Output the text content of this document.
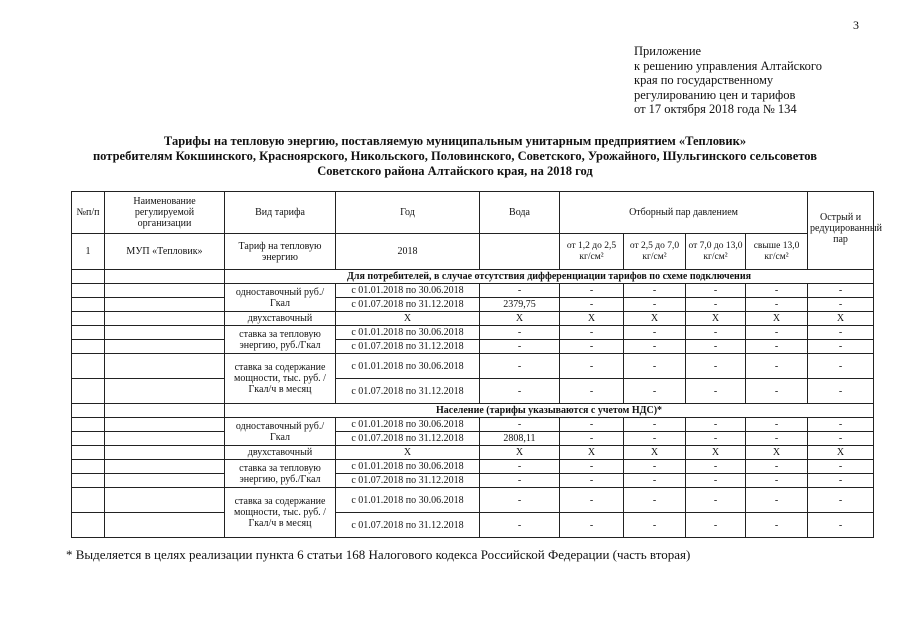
3
Приложение
к решению управления Алтайского
края по государственному
регулированию цен и тарифов
от 17 октября 2018 года № 134
Тарифы на тепловую энергию, поставляемую муниципальным унитарным предприятием «Тепловик»
потребителям Кокшинского, Красноярского, Никольского, Половинского, Советского, Урожайного, Шульгинского сельсоветов
Советского района Алтайского края, на 2018 год
№п/п	Наименование регулируемой организации	Вид тарифа	Год	Вода	Отборный пар давлением				Острый и редуцированный пар
1	МУП «Тепловик»	Тариф на тепловую энергию	2018		от 1,2 до 2,5 кг/см²	от 2,5 до 7,0 кг/см²	от 7,0 до 13,0 кг/см²	свыше 13,0 кг/см²	
		Для потребителей, в случае отсутствия дифференциации тарифов по схеме подключения							
		одноставочный руб./Гкал	с 01.01.2018 по 30.06.2018	-	-	-	-	-	-
			с 01.07.2018 по 31.12.2018	2379,75	-	-	-	-	-
		двухставочный	X	X	X	X	X	X	X
		ставка за тепловую энергию, руб./Гкал	с 01.01.2018 по 30.06.2018	-	-	-	-	-	-
			с 01.07.2018 по 31.12.2018	-	-	-	-	-	-
		ставка за содержание мощности, тыс. руб. /Гкал/ч в месяц	с 01.01.2018 по 30.06.2018	-	-	-	-	-	-
			с 01.07.2018 по 31.12.2018	-	-	-	-	-	-
		Население (тарифы указываются с учетом НДС)*							
		одноставочный руб./Гкал	с 01.01.2018 по 30.06.2018	-	-	-	-	-	-
			с 01.07.2018 по 31.12.2018	2808,11	-	-	-	-	-
		двухставочный	X	X	X	X	X	X	X
		ставка за тепловую энергию, руб./Гкал	с 01.01.2018 по 30.06.2018	-	-	-	-	-	-
			с 01.07.2018 по 31.12.2018	-	-	-	-	-	-
		ставка за содержание мощности, тыс. руб. /Гкал/ч в месяц	с 01.01.2018 по 30.06.2018	-	-	-	-	-	-
			с 01.07.2018 по 31.12.2018	-	-	-	-	-	-
* Выделяется в целях реализации пункта 6 статьи 168 Налогового кодекса Российской Федерации (часть вторая)
